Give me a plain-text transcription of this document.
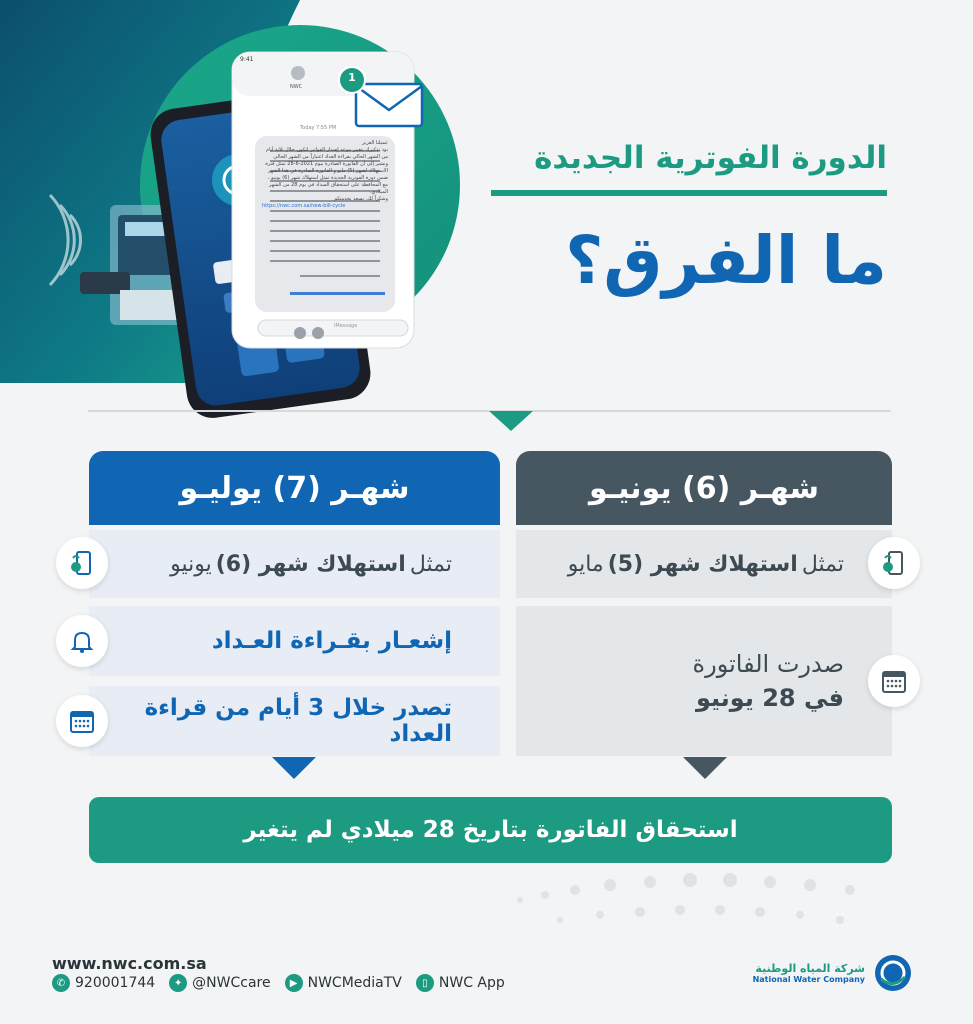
1
9:41
NWC
Today 7:55 PM
عميلنا العزيز
نود تذكيرك بتغيير موعد إصدار الفواتير لتكون خلال ثلاثة أيام من الشهر الحالي بقراءة العداد اعتباراً من الشهر الحالي ونشير إلى أن الفاتورة الصادرة بيوم 2021-6-28 تمثل فترة الاستهلاك لشهر (5) مايو و الفاتورة الصادرة في هذا الشهر ضمن دورة الفوترية الجديدة تمثل استهلاك شهر (6) يونيو ، مع المحافظة على استحقاق السداد في يوم 28 من الشهر الميلادي.
وشكراً لك. نسعد بخدمتكم
https://nwc.com.sa/new-bill-cycle
iMessage
الدورة الفوترية الجديدة
ما الفرق؟
شهـر (6) يونيـو
تمثل
استهلاك شهر (5)
مايو
صدرت الفاتورة
في 28 يونيو
شهـر (7) يوليـو
تمثل
استهلاك شهر (6)
يونيو
إشعـار بقـراءة العـداد
تصدر خلال 3 أيام من قراءة العداد
استحقاق الفاتورة بتاريخ 28 ميلادي لم يتغير
www.nwc.com.sa
✆ 920001744	✦ @NWCcare	▶ NWCMediaTV	▯ NWC App
شركة المياه الوطنية
National Water Company
